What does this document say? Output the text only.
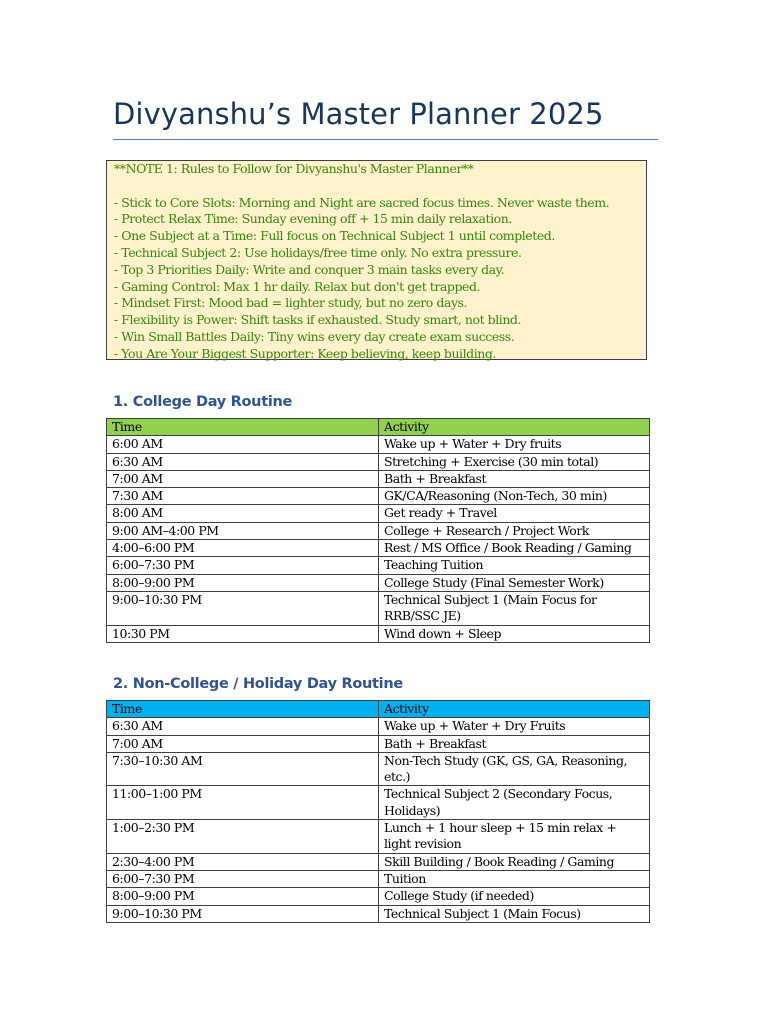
Divyanshu’s Master Planner 2025

**NOTE 1: Rules to Follow for Divyanshu's Master Planner**

- Stick to Core Slots: Morning and Night are sacred focus times. Never waste them.

- Protect Relax Time: Sunday evening off + 15 min daily relaxation.

- One Subject at a Time: Full focus on Technical Subject 1 until completed.

- Technical Subject 2: Use holidays/free time only. No extra pressure.

- Top 3 Priorities Daily: Write and conquer 3 main tasks every day.

- Gaming Control: Max 1 hr daily. Relax but don't get trapped.

- Mindset First: Mood bad = lighter study, but no zero days.

- Flexibility is Power: Shift tasks if exhausted. Study smart, not blind.

- Win Small Battles Daily: Tiny wins every day create exam success.

- You Are Your Biggest Supporter: Keep believing, keep building.

1. College Day Routine
Time	Activity
6:00 AM	Wake up + Water + Dry fruits
6:30 AM	Stretching + Exercise (30 min total)
7:00 AM	Bath + Breakfast
7:30 AM	GK/CA/Reasoning (Non-Tech, 30 min)
8:00 AM	Get ready + Travel
9:00 AM–4:00 PM	College + Research / Project Work
4:00–6:00 PM	Rest / MS Office / Book Reading / Gaming
6:00–7:30 PM	Teaching Tuition
8:00–9:00 PM	College Study (Final Semester Work)
9:00–10:30 PM	Technical Subject 1 (Main Focus for RRB/SSC JE)
10:30 PM	Wind down + Sleep
2. Non-College / Holiday Day Routine
Time	Activity
6:30 AM	Wake up + Water + Dry Fruits
7:00 AM	Bath + Breakfast
7:30–10:30 AM	Non-Tech Study (GK, GS, GA, Reasoning, etc.)
11:00–1:00 PM	Technical Subject 2 (Secondary Focus, Holidays)
1:00–2:30 PM	Lunch + 1 hour sleep + 15 min relax + light revision
2:30–4:00 PM	Skill Building / Book Reading / Gaming
6:00–7:30 PM	Tuition
8:00–9:00 PM	College Study (if needed)
9:00–10:30 PM	Technical Subject 1 (Main Focus)
